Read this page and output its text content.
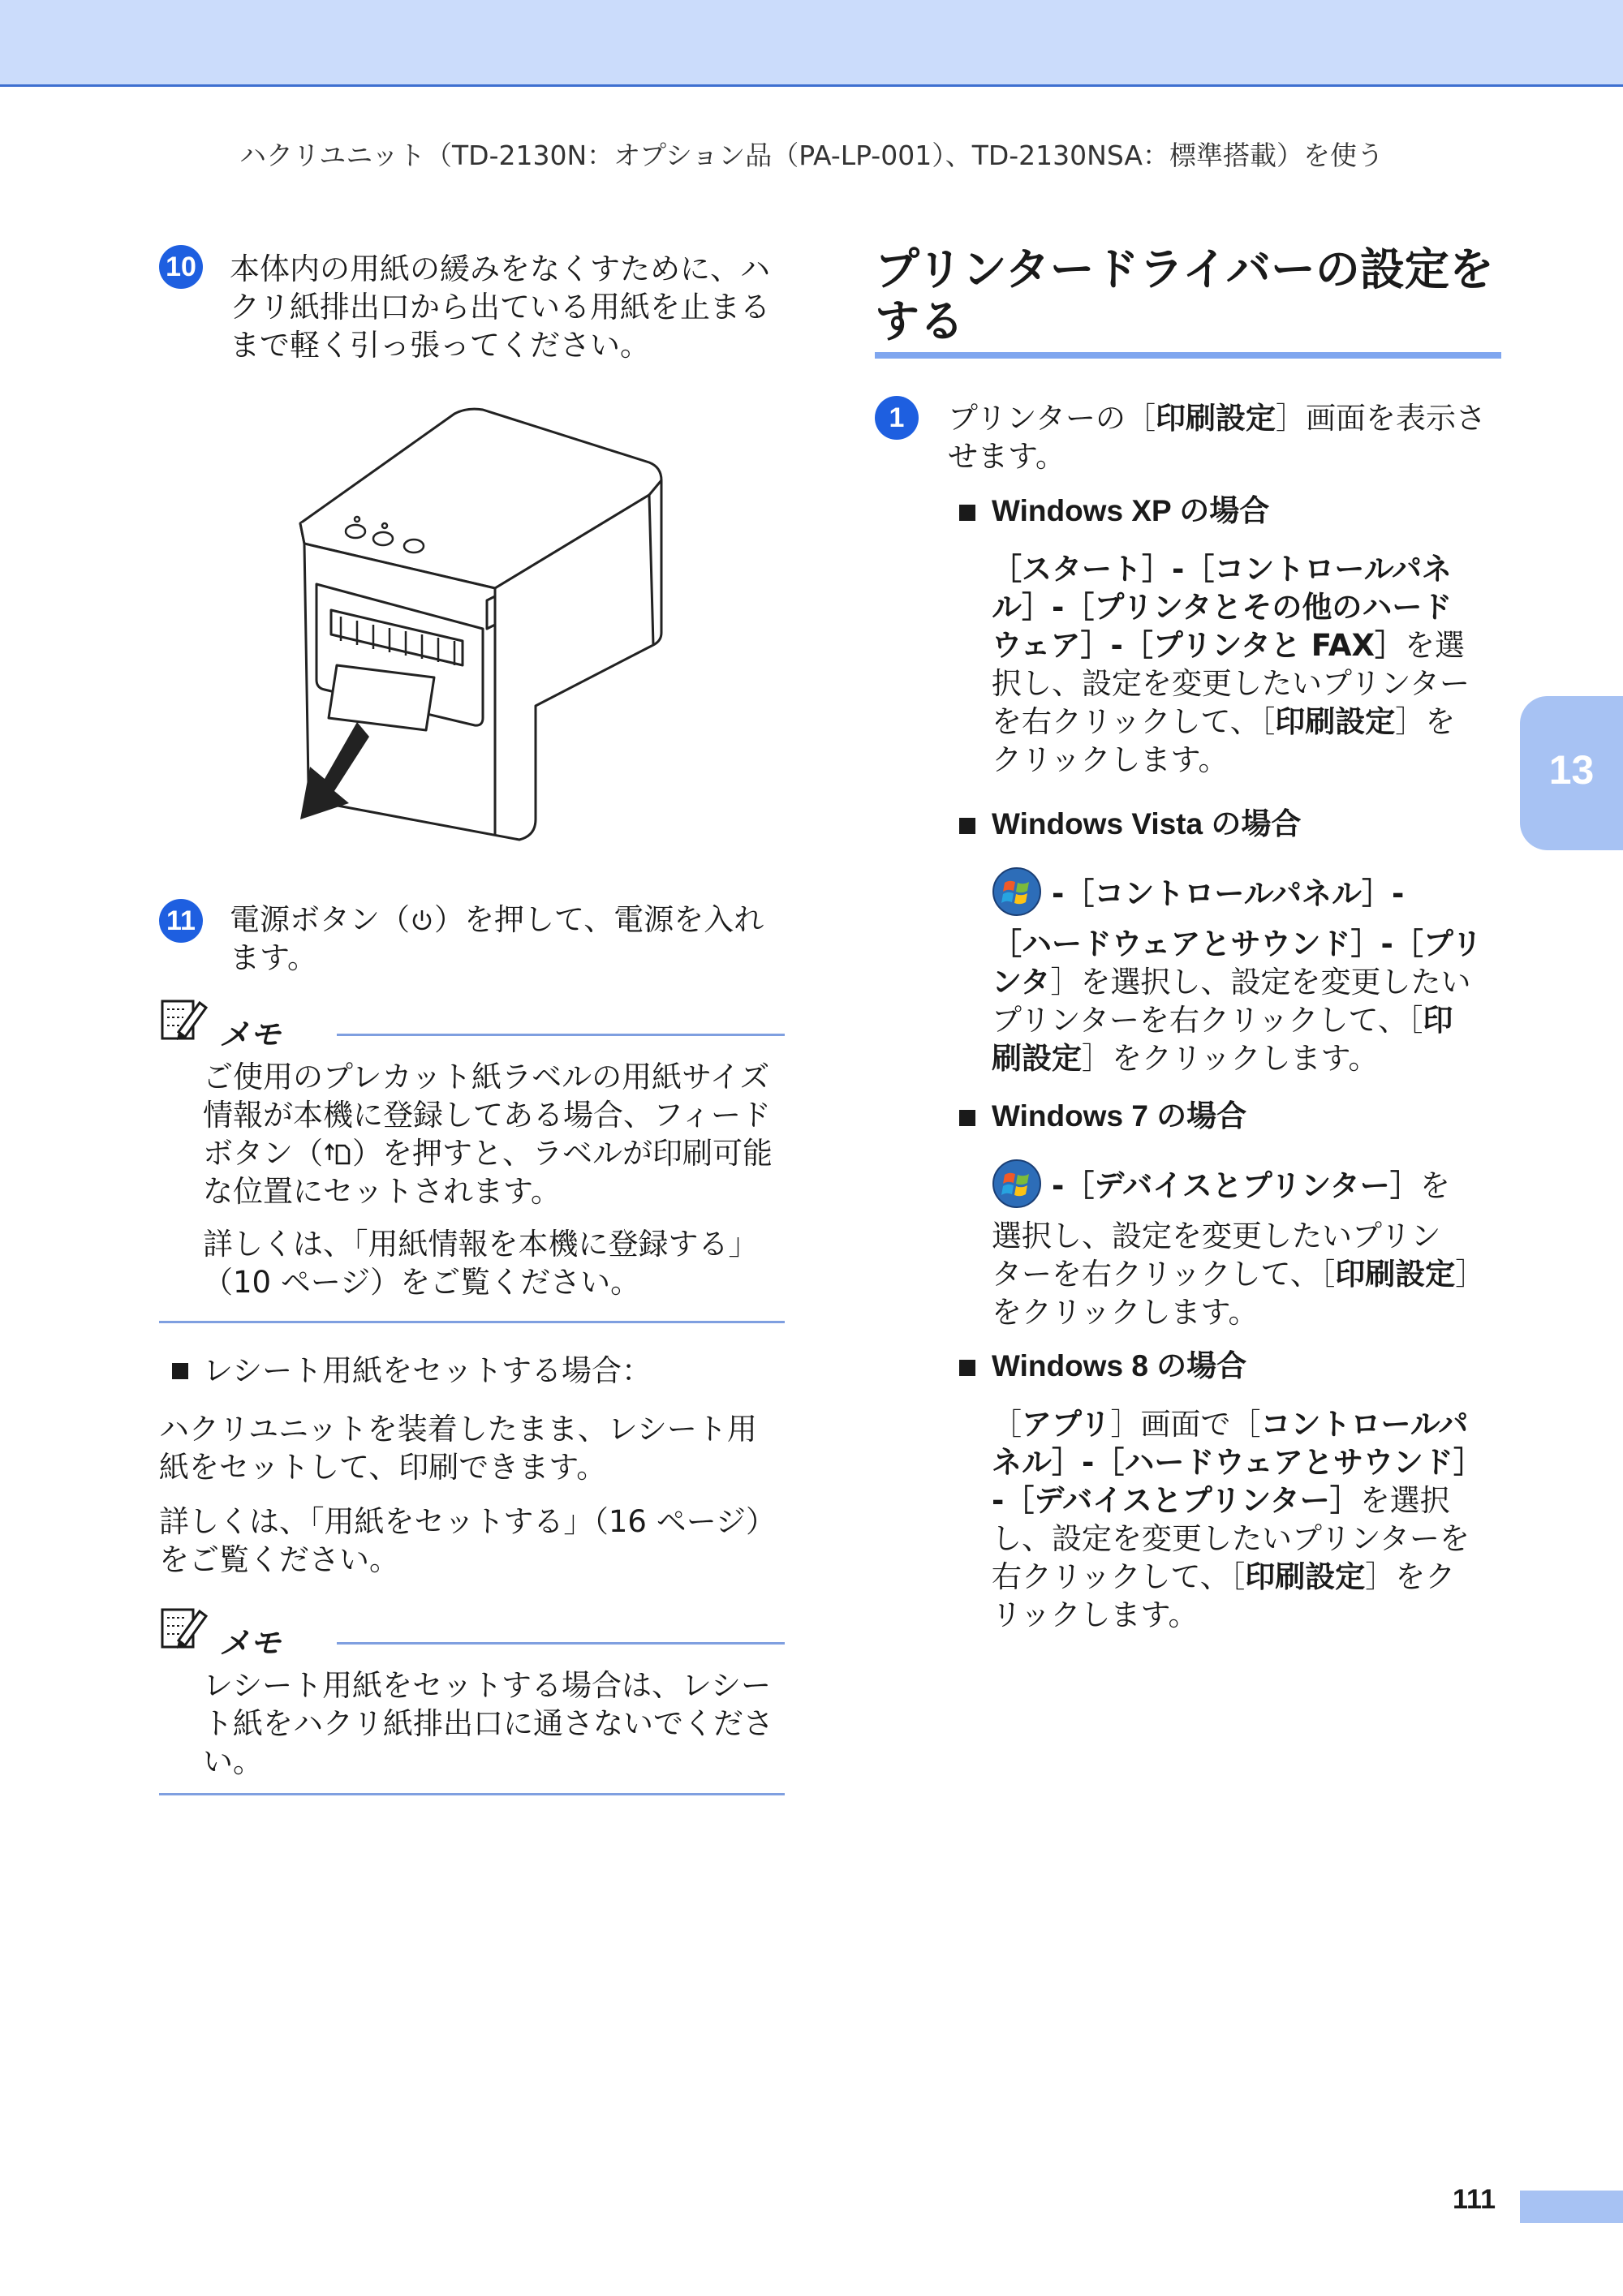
ハクリユニット（TD-2130N：オプション品（PA-LP-001）、TD-2130NSA：標準搭載）を使う
13
10 本体内の用紙の緩みをなくすために、ハクリ紙排出口から出ている用紙を止まるまで軽く引っ張ってください。
11 電源ボタン（ ）を押して、電源を入れます。
メモ
ご使用のプレカット紙ラベルの用紙サイズ情報が本機に登録してある場合、フィードボタン（ ）を押すと、ラベルが印刷可能な位置にセットされます。
詳しくは、「用紙情報を本機に登録する」（10 ページ）をご覧ください。
レシート用紙をセットする場合：
ハクリユニットを装着したまま、レシート用紙をセットして、印刷できます。
詳しくは、「用紙をセットする」（16 ページ）をご覧ください。
メモ
レシート用紙をセットする場合は、レシート紙をハクリ紙排出口に通さないでください。
プリンタードライバーの設定をする
1	プリンターの［印刷設定］画面を表示させます。
Windows XP の場合
［スタート］-［コントロールパネ
ル］-［プリンタとその他のハード
ウェア］-［プリンタと FAX］を選
択し、設定を変更したいプリンター
を右クリックして、［印刷設定］を
クリックします。
Windows Vista の場合
-［コントロールパネル］-
［ハードウェアとサウンド］-［プリ
ンタ］を選択し、設定を変更したい
プリンターを右クリックして、［印
刷設定］をクリックします。
Windows 7 の場合
-［デバイスとプリンター］を
選択し、設定を変更したいプリン
ターを右クリックして、［印刷設定］
をクリックします。
Windows 8 の場合
［アプリ］画面で［コントロールパ
ネル］-［ハードウェアとサウンド］
-［デバイスとプリンター］を選択
し、設定を変更したいプリンターを
右クリックして、［印刷設定］をク
リックします。
111
